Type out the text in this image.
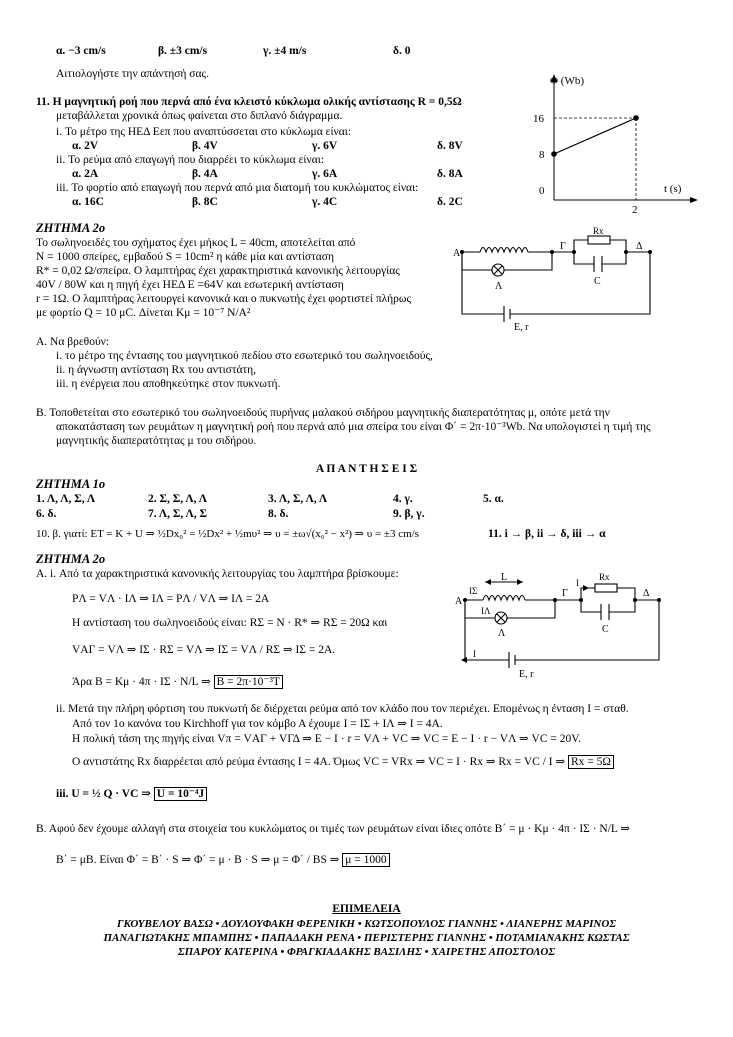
α. −3 cm/s	β. ±3 cm/s	γ. ±4 m/s	δ. 0
Αιτιολογήστε την απάντησή σας.
11. Η μαγνητική ροή που περνά από ένα κλειστό κύκλωμα ολικής αντίστασης R = 0,5Ω
μεταβάλλεται χρονικά όπως φαίνεται στο διπλανό διάγραμμα.
i. Το μέτρο της ΗΕΔ Εεπ που αναπτύσσεται στο κύκλωμα είναι:
α. 2V	β. 4V	γ. 6V	δ. 8V
ii. Το ρεύμα από επαγωγή που διαρρέει το κύκλωμα είναι:
α. 2A	β. 4A	γ. 6A	δ. 8A
iii. Το φορτίο από επαγωγή που περνά από μια διατομή του κυκλώματος είναι:
α. 16C	β. 8C	γ. 4C	δ. 2C
Φ (Wb)
t (s)
0
8
16
2
ΖΗΤΗΜΑ 2ο
Το σωληνοειδές του σχήματος έχει μήκος L = 40cm, αποτελείται από
N = 1000 σπείρες, εμβαδού S = 10cm² η κάθε μία και αντίσταση
R* = 0,02 Ω/σπείρα. Ο λαμπτήρας έχει χαρακτηριστικά κανονικής λειτουργίας
40V / 80W και η πηγή έχει ΗΕΔ E =64V και εσωτερική αντίσταση
r = 1Ω. Ο λαμπτήρας λειτουργεί κανονικά και ο πυκνωτής έχει φορτιστεί πλήρως
με φορτίο Q = 10 μC. Δίνεται Kμ = 10⁻⁷ N/A²
Α
Λ
Γ
Rx
C
Δ
E, r
Α. Να βρεθούν:
i. το μέτρο της έντασης του μαγνητικού πεδίου στο εσωτερικό του σωληνοειδούς,
ii. η άγνωστη αντίσταση Rx του αντιστάτη,
iii. η ενέργεια που αποθηκεύτηκε στον πυκνωτή.
Β. Τοποθετείται στο εσωτερικό του σωληνοειδούς πυρήνας μαλακού σιδήρου μαγνητικής διαπερατότητας μ, οπότε μετά την
αποκατάσταση των ρευμάτων η μαγνητική ροή που περνά από μια σπείρα του είναι Φ΄ = 2π·10⁻³Wb. Να υπολογιστεί η τιμή της
μαγνητικής διαπερατότητας μ του σιδήρου.
Α Π Α Ν Τ Η Σ Ε Ι Σ
ΖΗΤΗΜΑ 1ο
1. Λ, Λ, Σ, Λ	2. Σ, Σ, Λ, Λ	3. Λ, Σ, Λ, Λ	4. γ.	5. α.
6. δ.	7. Λ, Σ, Λ, Σ	8. δ.	9. β, γ.
10. β. γιατί: ET = K + U ⇒ ½Dx₀² = ½Dx² + ½mυ² ⇒ υ = ±ω√(x₀² − x²) ⇒ υ = ±3 cm/s	11. i → β, ii → δ, iii → α
ΖΗΤΗΜΑ 2ο
Α. i. Από τα χαρακτηριστικά κανονικής λειτουργίας του λαμπτήρα βρίσκουμε:
PΛ = VΛ · IΛ ⇒ IΛ = PΛ / VΛ ⇒ IΛ = 2A
Η αντίσταση του σωληνοειδούς είναι: RΣ = N · R* ⇒ RΣ = 20Ω και
VΑΓ = VΛ ⇒ IΣ · RΣ = VΛ ⇒ IΣ = VΛ / RΣ ⇒ IΣ = 2A.
Άρα B = Kμ · 4π · IΣ · N/L ⇒ B = 2π·10⁻³T
L
Α
IΣ
IΛ
Λ
Γ
I
Rx
C
Δ
I
E, r
ii. Μετά την πλήρη φόρτιση του πυκνωτή δε διέρχεται ρεύμα από τον κλάδο που τον περιέχει. Επομένως η ένταση I = σταθ.
Από τον 1ο κανόνα του Kirchhoff για τον κόμβο Α έχουμε I = IΣ + IΛ ⇒ I = 4A.
Η πολική τάση της πηγής είναι Vπ = VΑΓ + VΓΔ ⇒ E − I · r = VΛ + VC ⇒ VC = E − I · r − VΛ ⇒ VC = 20V.
Ο αντιστάτης Rx διαρρέεται από ρεύμα έντασης I = 4A. Όμως VC = VRx ⇒ VC = I · Rx ⇒ Rx = VC / I ⇒ Rx = 5Ω
iii. U = ½ Q · VC ⇒ U = 10⁻⁴J
Β. Αφού δεν έχουμε αλλαγή στα στοιχεία του κυκλώματος οι τιμές των ρευμάτων είναι ίδιες οπότε B΄ = μ · Kμ · 4π · IΣ · N/L ⇒
B΄ = μB. Είναι Φ΄ = B΄ · S ⇒ Φ΄ = μ · B · S ⇒ μ = Φ΄ / BS ⇒ μ = 1000
ΕΠΙΜΕΛΕΙΑ
ΓΚΟΥΒΕΛΟΥ ΒΑΣΩ • ΔΟΥΛΟΥΦΑΚΗ ΦΕΡΕΝΙΚΗ • ΚΩΤΣΟΠΟΥΛΟΣ ΓΙΑΝΝΗΣ • ΛΙΑΝΕΡΗΣ ΜΑΡΙΝΟΣ
ΠΑΝΑΓΙΩΤΑΚΗΣ ΜΠΑΜΠΗΣ • ΠΑΠΑΔΑΚΗ ΡΕΝΑ • ΠΕΡΙΣΤΕΡΗΣ ΓΙΑΝΝΗΣ • ΠΟΤΑΜΙΑΝΑΚΗΣ ΚΩΣΤΑΣ
ΣΠΑΡΟΥ ΚΑΤΕΡΙΝΑ • ΦΡΑΓΚΙΑΔΑΚΗΣ ΒΑΣΙΛΗΣ • ΧΑΙΡΕΤΗΣ ΑΠΟΣΤΟΛΟΣ
